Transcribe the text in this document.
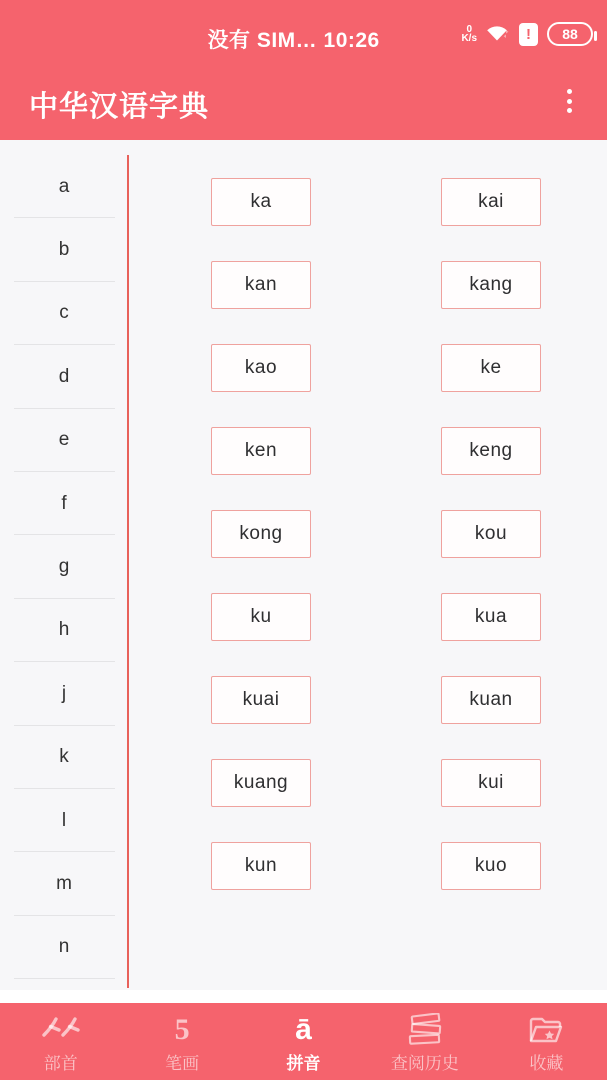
没有 SIM… 10:26	0
K/s	!	88
中华汉语字典
a
b
c
d
e
f
g
h
j
k
l
m
n
ka	kai
kan	kang
kao	ke
ken	keng
kong	kou
ku	kua
kuai	kuan
kuang	kui
kun	kuo
部首
5
笔画
ā
拼音	查阅历史	收藏
